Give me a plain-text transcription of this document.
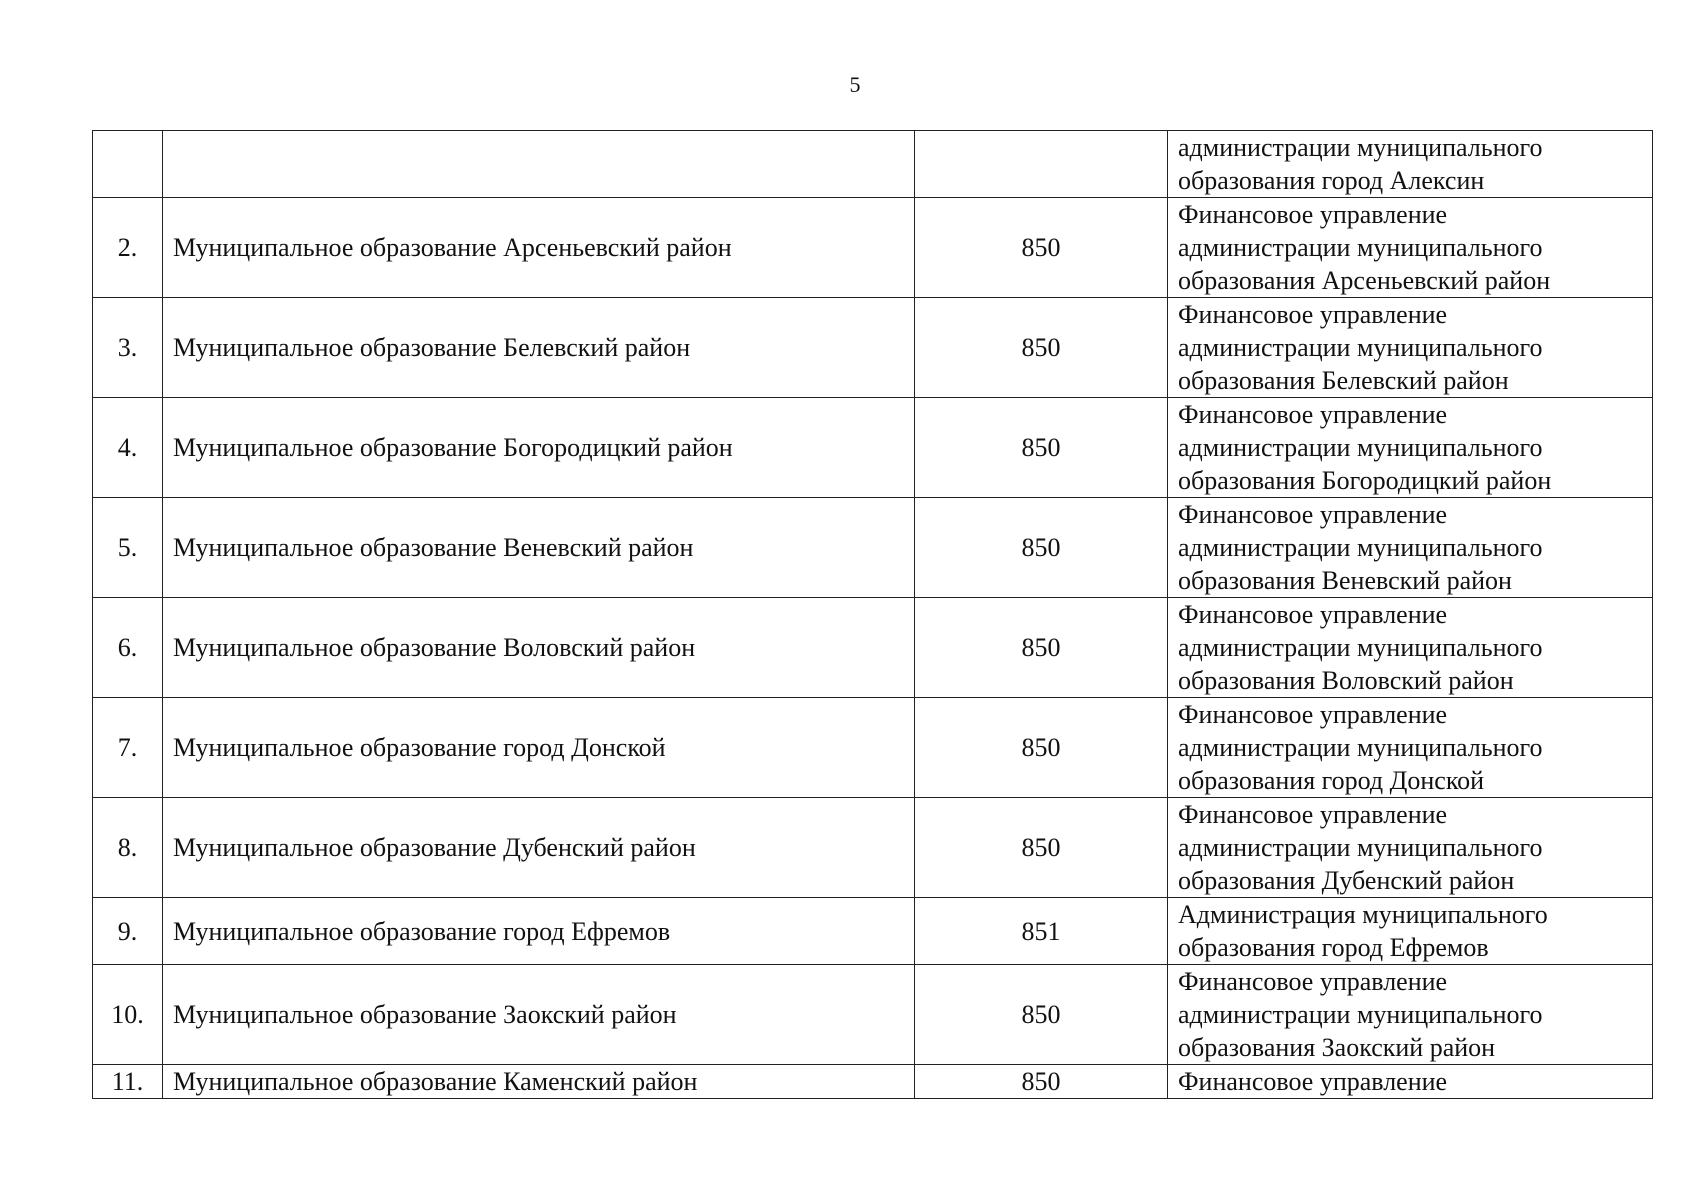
5
			администрации муниципального
образования город Алексин
2.	Муниципальное образование Арсеньевский район	850	Финансовое управление
администрации муниципального
образования Арсеньевский район
3.	Муниципальное образование Белевский район	850	Финансовое управление
администрации муниципального
образования Белевский район
4.	Муниципальное образование Богородицкий район	850	Финансовое управление
администрации муниципального
образования Богородицкий район
5.	Муниципальное образование Веневский район	850	Финансовое управление
администрации муниципального
образования Веневский район
6.	Муниципальное образование Воловский район	850	Финансовое управление
администрации муниципального
образования Воловский район
7.	Муниципальное образование город Донской	850	Финансовое управление
администрации муниципального
образования город Донской
8.	Муниципальное образование Дубенский район	850	Финансовое управление
администрации муниципального
образования Дубенский район
9.	Муниципальное образование город Ефремов	851	Администрация муниципального
образования город Ефремов
10.	Муниципальное образование Заокский район	850	Финансовое управление
администрации муниципального
образования Заокский район
11.	Муниципальное образование Каменский район	850	Финансовое управление
